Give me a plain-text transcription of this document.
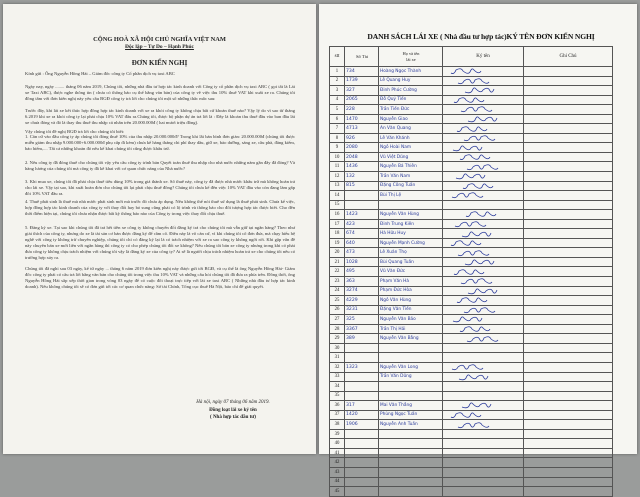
CỘNG HOÀ XÃ HỘI CHỦ NGHĨA VIỆT NAM
Độc lập – Tự Do – Hạnh Phúc
ĐƠN KIẾN NGHỊ
Kính gửi : Ông Nguyễn Hồng Hải – Giám đốc công ty Cổ phần dịch vụ taxi ABC
Ngày nay, ngày ........ tháng 06 năm 2019, Chúng tôi, những nhà đầu tư hợp tác kinh doanh với Công ty cổ phần dịch vụ taxi ABC ( gọi tắt là Lái xe Taxi ABC), được nghe thông tin ( chưa có thông báo cụ thể bằng văn bản) của công ty về việc thu 10% thuế VAT khi xuất xe ra. Chúng tôi đồng tâm với đơn kiến nghị này yêu cầu BGĐ công ty trả lời cho chúng tôi một số những thắc mắc sau:
Trước đây, khi lái xe kết thúc hợp đồng hợp tác kinh doanh với xe ra khỏi công ty không chịu bất cứ khoản thuế nào? Vậy lý do vì sao từ tháng 6.2019 khi xe ra khỏi công ty lại phải chịu 10% VAT đấu ra.Chúng tôi, được bộ phận dự án trả lời là : Đây là khoản thu thuế đầu vào ban đầu lái xe chưa đóng và đó là thay thu thuế thu nhập cá nhân trên 20.000.000đ ( hai mươi triệu đồng).
Vậy chúng tôi đề nghị BGĐ trả lời cho chúng tôi biết:
1. Căn cứ vào đâu công ty áp chúng tôi đóng thuế 10% của thu nhập 20.000.000đ? Trong khi lãi bán bình đơn giản: 20.000.000đ (chúng tôi được miễn giảm thu nhập 9.000.000+6.000.000đ phụ cấp đi kèm) chưa kể hàng tháng chi phí thay dầu, giữ xe, bảo dưỡng, sáng xe, cầu phà, đăng kiểm, bảo hiểm,.... Tất cả những khoản đó nếu kể khai chúng tôi cũng được khấu trừ.
2. Nếu công ty đã đóng thuế cho chúng tôi vậy yêu cầu công ty trình bản Quyết toán thuế thu nhập cho nhà nước những năm gần đây đã đóng? Và hàng lương của chúng tôi mà công ty đã kê khai với cơ quan chức năng của Nhà nước?
3. Khi mua xe, chúng tôi đã phải chịu thuế tiêu dùng 10% trong giá thành xe. Số thuế này, công ty đã được nhà nước khấu trừ mà không hoàn trả cho lái xe. Vậy tại sao, khi xuất hoàn đơn cho chúng tôi lại phải chịu thuế đồng? Chúng tôi chưa kể đến việc 10% VAT đầu vào còn đang làm gấp đôi 10% VAT đầu ra.
4. Thuế phát sinh là thuế mà nhà nước phát sinh mới mà trước đó chưa áp dụng. Nếu không thể nói thuế sử dụng là thuế phát sinh. Chưa kể việc, hợp đồng hợp tác kinh doanh của công ty với thay đổi hay bỏ sung cũng phải có lộ trình và thông báo cho đối tượng hợp tác được biết. Cho đến thời điểm hiện tại, chúng tôi chưa nhận được bất kỳ thông báo nào của Công ty trong việc thay đổi chịu thuế.
5. Đăng ký xe. Tại sao khi chúng tôi đã trả hết tiền xe công ty không chuyển đổi đăng ký trả cho chúng tôi mà vẫn giữ tại ngân hàng? Theo như giải thích của công ty, nhưng do xe là tài sản cơ bản được đăng ký để cầm cố. Điều này là vô căn cứ, vì khi chúng tôi cố đơn đưa, mà chạy hiểu hệ nghề với công ty không trừ chuyên nghiệp, chúng tôi chỉ có đăng ký lại là có trách nhiệm với xe ra sao công ty không ngời rời. Khi gặp vấn đề này chuyên bán xe mới liên với ngân hàng thì công ty có cho phép chúng tôi đổi xe không? Nếu chúng tôi bán xe công ty nhưng trong khi có phải đưa công ty không chịu trách nhiệm với chúng tôi vậy là đăng ký xe của công ty? Ai sẽ là người chịu trách nhiệm hoàn trả xe cho chúng tôi nếu có trường hợp xảy ra.
Chúng tôi đã nghỉ sau 03 ngày, kể từ ngày ... tháng 6 năm 2019 đơn kiến nghị này được gửi tới BGĐ, và cụ thể là ông Nguyễn Hồng Hải- Giám đốc công ty phải có câu trả lời bằng văn bản cho chúng tôi trong việc thu 10% VAT và những câu hỏi chúng tôi đã đưa ra phía trên. Đồng thời, ông Nguyễn Hồng Hải sắp xếp thời gian trong vòng 03 ngày để có cuộc đối thoại trực tiếp với lái xe taxi ABC ( Những nhà đầu tư hợp tác kinh doanh). Nếu không chúng tôi sẽ có đơn gửi tới các cơ quan chức năng: Sở tài Chính, Tổng cục thuế Hà Nội, báo chí để giải quyết.
Hà nội, ngày 07 tháng 06 năm 2019.
Đồng loạt lái xe ký tên
( Nhà hợp tác đầu tư)
DANH SÁCH LÁI XE ( Nhà đầu tư hợp tác)KÝ TÊN ĐƠN KIẾN NGHỊ
stt	Số Tài	Họ và tên
lái xe	Ký tên	Ghi Chú
1	734	Hoàng Ngọc Thành	

2	1739	Lê Quang Huy	

3	327	Đinh Phúc Cường	

4	2065	Đỗ Quý Tiến	

5	228	Trần Tiến Đức	

6	1470	Nguyễn Giao	

7	4713	An Văn Quang	

8	926	Lê Văn Khánh	

9	2080	Ngô Hoài Nam	

10	2048	Vũ Việt Dũng	

11	1436	Nguyễn Bá Thiên	

12	132	Trần Văn Nam	

13	815	Đặng Công Tuấn	

14		Bùi Thị Lệ	

15				
16	1423	Nguyễn Văn Hùng	

17	423	Đinh Trung Kiên	

18	674	Hà Hữu Huy	

19	640	Nguyễn Mạnh Cường	

20	473	Lê Xuân Thọ	

21	1028	Bùi Quang Tuấn	

22	495	Vũ Văn Đức	

23	363	Phạm Văn Hà	

24	3274	Phạm Đức Hòa	

25	4229	Ngô Văn Hùng	

26	3231	Đặng Văn Tiến	

27	325	Nguyễn Văn Bảo	

28	3367	Trần Thị Hải	

29	389	Nguyễn Văn Bằng	

30				
31				
32	1323	Nguyễn Văn Long	

33		Trần Văn Dũng	

34				
35				
36	317	Mai Văn Thắng	

37	1420	Phùng Ngọc Tuấn	

38	1906	Nguyễn Anh Tuấn	

39				
40				
41				
42				
43				
44				
45				
